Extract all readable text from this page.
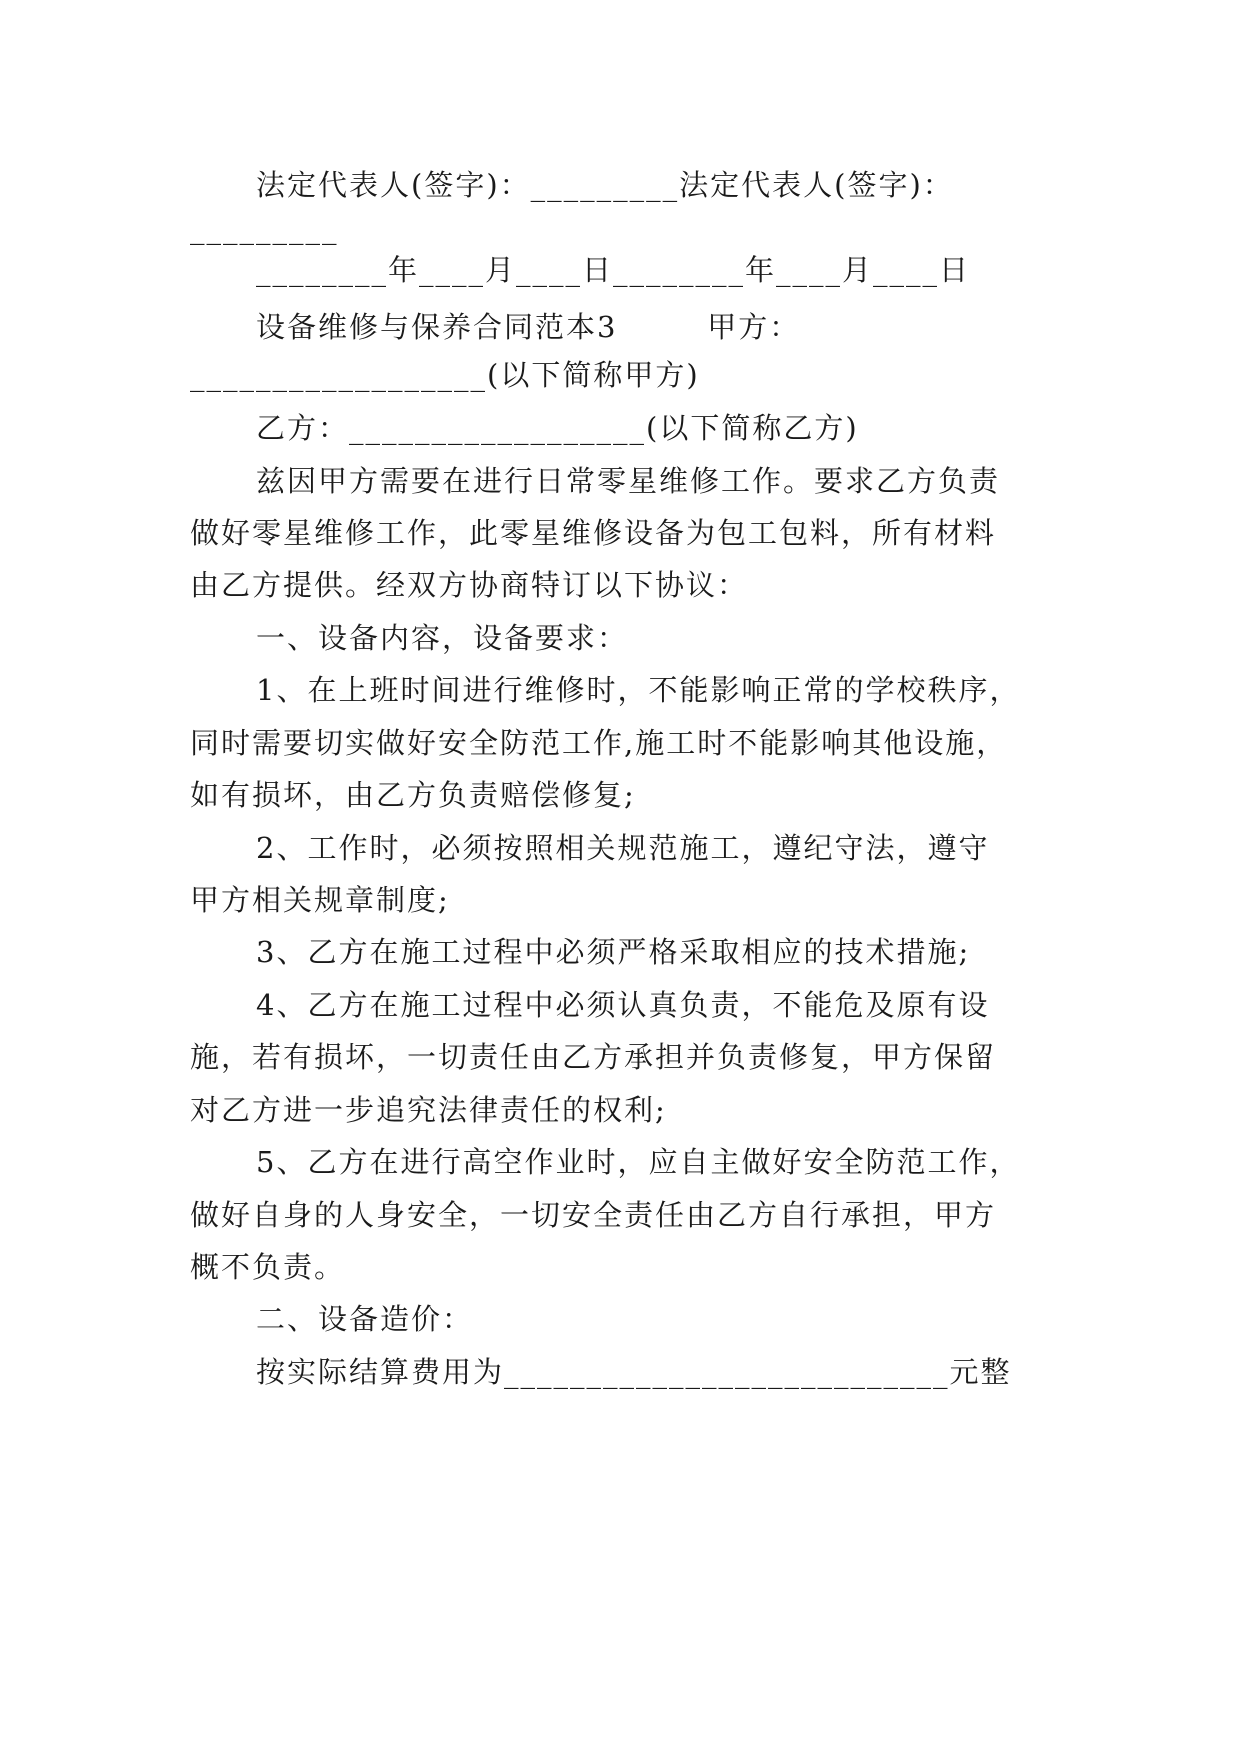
法定代表人(签字)：_________法定代表人(签字)：
_________
________年____月____日________年____月____日
设备维修与保养合同范本3        甲方：
__________________(以下简称甲方)
乙方：__________________(以下简称乙方)
兹因甲方需要在进行日常零星维修工作。要求乙方负责
做好零星维修工作，此零星维修设备为包工包料，所有材料
由乙方提供。经双方协商特订以下协议：
一、设备内容，设备要求：
1、在上班时间进行维修时，不能影响正常的学校秩序，
同时需要切实做好安全防范工作,施工时不能影响其他设施，
如有损坏，由乙方负责赔偿修复;
2、工作时，必须按照相关规范施工，遵纪守法，遵守
甲方相关规章制度;
3、乙方在施工过程中必须严格采取相应的技术措施;
4、乙方在施工过程中必须认真负责，不能危及原有设
施，若有损坏，一切责任由乙方承担并负责修复，甲方保留
对乙方进一步追究法律责任的权利;
5、乙方在进行高空作业时，应自主做好安全防范工作，
做好自身的人身安全，一切安全责任由乙方自行承担，甲方
概不负责。
二、设备造价：
按实际结算费用为___________________________元整
